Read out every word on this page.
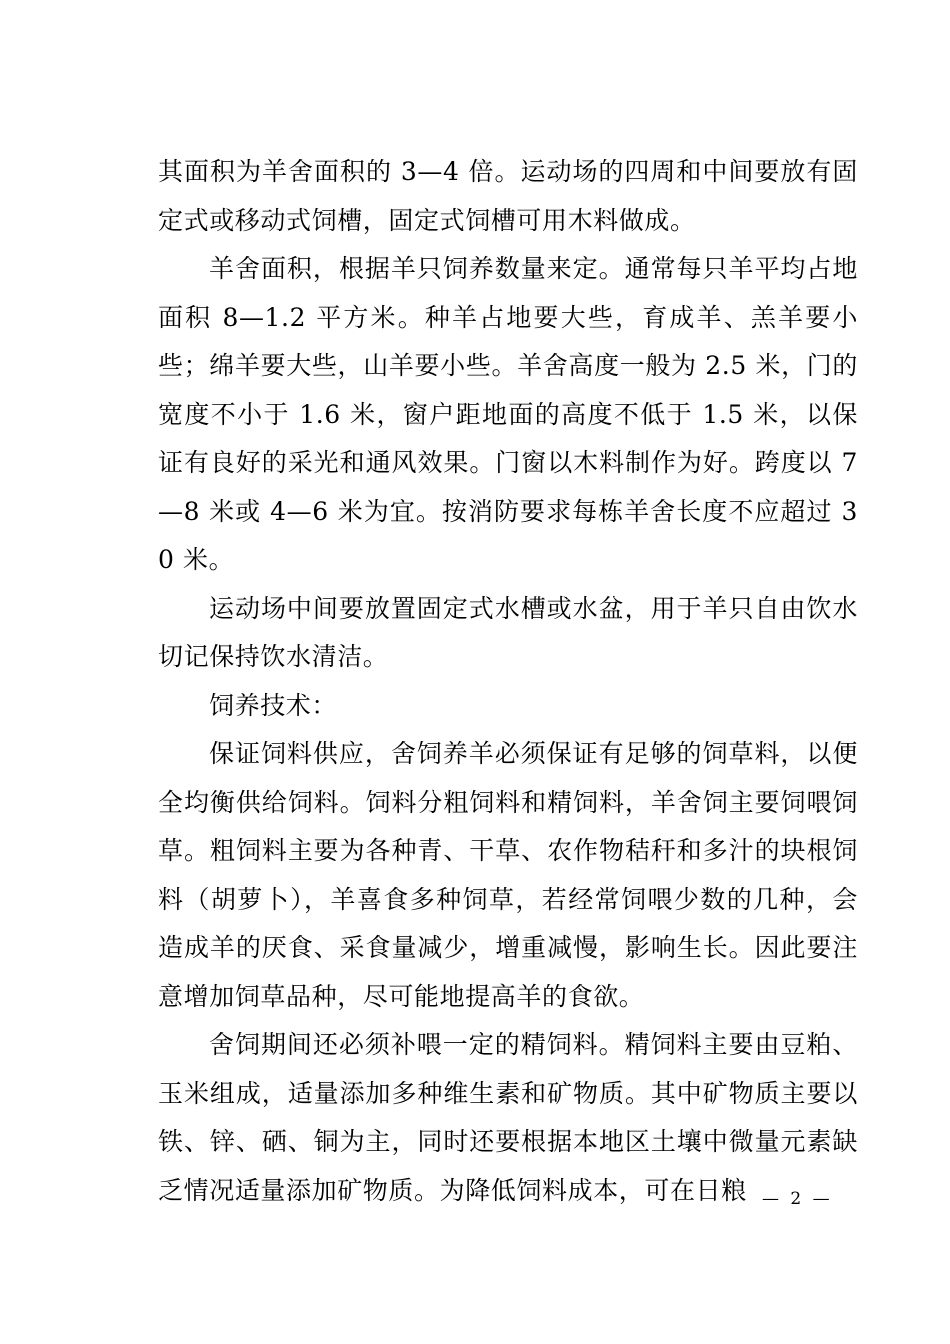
其面积为羊舍面积的 3—4 倍。运动场的四周和中间要放有固定式或移动式饲槽，固定式饲槽可用木料做成。

羊舍面积，根据羊只饲养数量来定。通常每只羊平均占地面积 8—1.2 平方米。种羊占地要大些，育成羊、羔羊要小些；绵羊要大些，山羊要小些。羊舍高度一般为 2.5 米，门的宽度不小于 1.6 米，窗户距地面的高度不低于 1.5 米，以保证有良好的采光和通风效果。门窗以木料制作为好。跨度以 7—8 米或 4—6 米为宜。按消防要求每栋羊舍长度不应超过 30 米。

运动场中间要放置固定式水槽或水盆，用于羊只自由饮水切记保持饮水清洁。

饲养技术：

保证饲料供应，舍饲养羊必须保证有足够的饲草料，以便全均衡供给饲料。饲料分粗饲料和精饲料，羊舍饲主要饲喂饲草。粗饲料主要为各种青、干草、农作物秸秆和多汁的块根饲料（胡萝卜），羊喜食多种饲草，若经常饲喂少数的几种，会造成羊的厌食、采食量减少，增重减慢，影响生长。因此要注意增加饲草品种，尽可能地提高羊的食欲。

舍饲期间还必须补喂一定的精饲料。精饲料主要由豆粕、玉米组成，适量添加多种维生素和矿物质。其中矿物质主要以铁、锌、硒、铜为主，同时还要根据本地区土壤中微量元素缺乏情况适量添加矿物质。为降低饲料成本，可在日粮 — 2 —
